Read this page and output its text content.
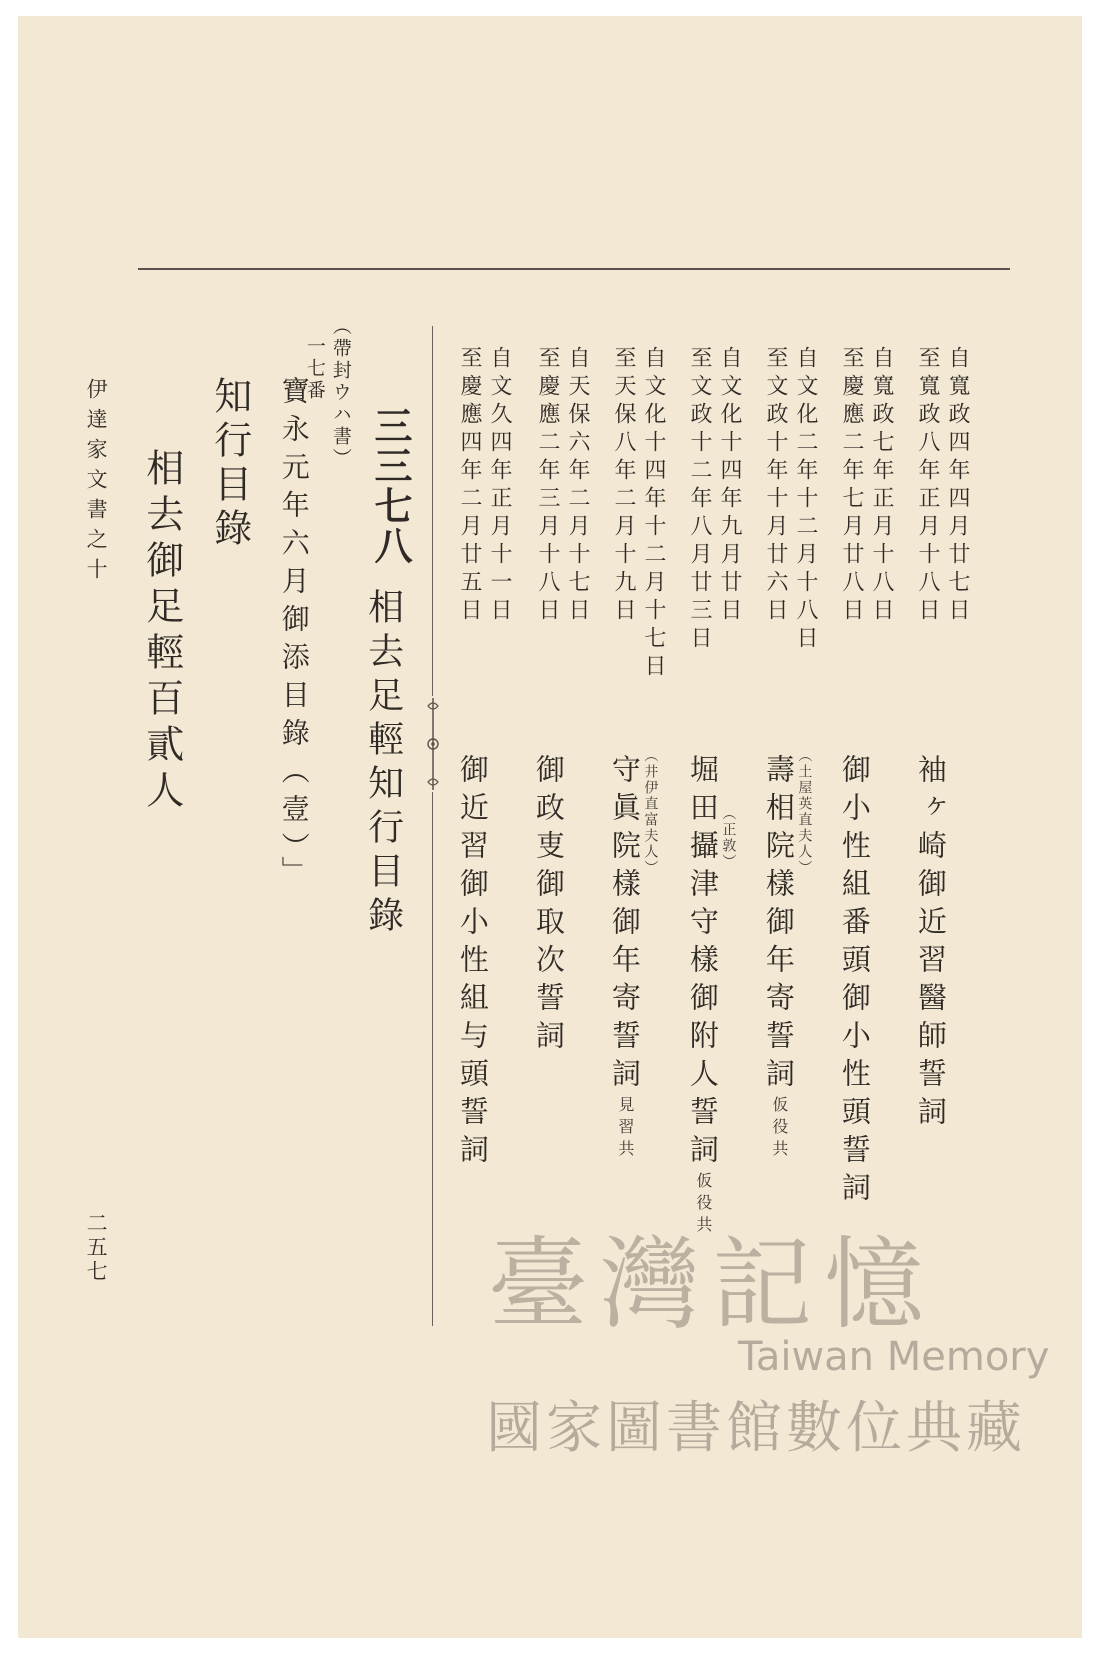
自寬政四年四月廿七日
至寬政八年正月十八日
自寬政七年正月十八日
至慶應二年七月廿八日
自文化二年十二月十八日
至文政十年十月廿六日
自文化十四年九月廿日
至文政十二年八月廿三日
自文化十四年十二月十七日
至天保八年二月十九日
自天保六年二月十七日
至慶應二年三月十八日
自文久四年正月十一日
至慶應四年二月廿五日
袖ヶ崎御近習醫師誓詞
御小性組番頭御小性頭誓詞
（土屋英直夫人）
壽相院樣御年寄誓詞仮役共
（正敦）
堀田攝津守樣御附人誓詞仮役共
（井伊直富夫人）
守眞院樣御年寄誓詞見習共
御政叓御取次誓詞
御近習御小性組与頭誓詞
三三七八
相去足輕知行目錄
（帶封ウハ書）
一七番
寶永元年六月御添目錄（壹）」
知行目錄
相去御足輕百貳人
伊達家文書之十
二五七	臺灣記憶
Taiwan Memory
國家圖書館數位典藏
